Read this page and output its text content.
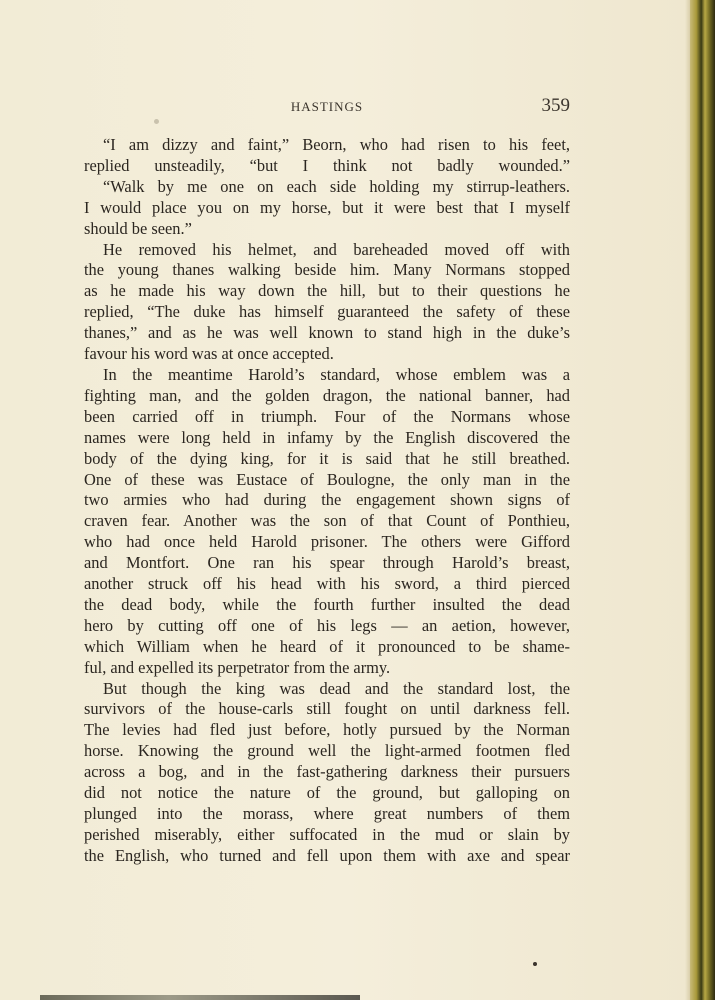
HASTINGS	359
“I am dizzy and faint,” Beorn, who had risen to his feet,
replied unsteadily, “but I think not badly wounded.”
“Walk by me one on each side holding my stirrup-leathers.
I would place you on my horse, but it were best that I myself
should be seen.”
He removed his helmet, and bareheaded moved off with
the young thanes walking beside him. Many Normans stopped
as he made his way down the hill, but to their questions he
replied, “The duke has himself guaranteed the safety of these
thanes,” and as he was well known to stand high in the duke’s
favour his word was at once accepted.
In the meantime Harold’s standard, whose emblem was a
fighting man, and the golden dragon, the national banner, had
been carried off in triumph. Four of the Normans whose
names were long held in infamy by the English discovered the
body of the dying king, for it is said that he still breathed.
One of these was Eustace of Boulogne, the only man in the
two armies who had during the engagement shown signs of
craven fear. Another was the son of that Count of Ponthieu,
who had once held Harold prisoner. The others were Gifford
and Montfort. One ran his spear through Harold’s breast,
another struck off his head with his sword, a third pierced
the dead body, while the fourth further insulted the dead
hero by cutting off one of his legs — an aetion, however,
which William when he heard of it pronounced to be shame-
ful, and expelled its perpetrator from the army.
But though the king was dead and the standard lost, the
survivors of the house-carls still fought on until darkness fell.
The levies had fled just before, hotly pursued by the Norman
horse. Knowing the ground well the light-armed footmen fled
across a bog, and in the fast-gathering darkness their pursuers
did not notice the nature of the ground, but galloping on
plunged into the morass, where great numbers of them
perished miserably, either suffocated in the mud or slain by
the English, who turned and fell upon them with axe and spear
